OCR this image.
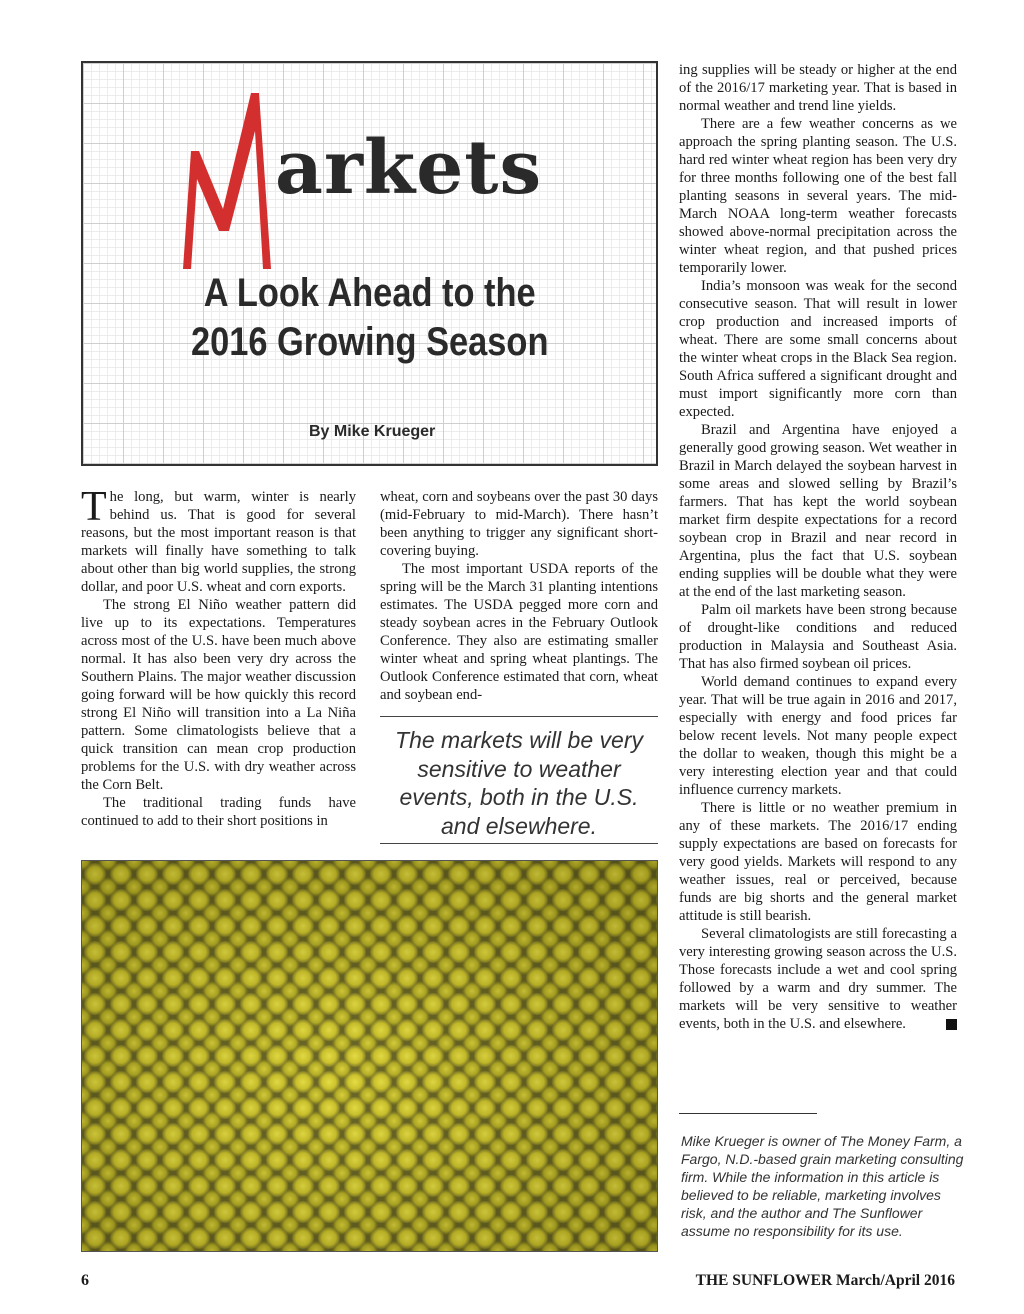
arkets
A Look Ahead to the
2016 Growing Season
By Mike Krueger

The long, but warm, winter is nearly behind us. That is good for several reasons, but the most important reason is that markets will finally have something to talk about other than big world supplies, the strong dollar, and poor U.S. wheat and corn exports.

The strong El Niño weather pattern did live up to its expectations. Temperatures across most of the U.S. have been much above normal. It has also been very dry across the Southern Plains. The major weather discussion going forward will be how quickly this record strong El Niño will transition into a La Niña pattern. Some climatologists believe that a quick transition can mean crop production problems for the U.S. with dry weather across the Corn Belt.

The traditional trading funds have continued to add to their short positions in

wheat, corn and soybeans over the past 30 days (mid-February to mid-March). There hasn’t been anything to trigger any significant short-covering buying.

The most important USDA reports of the spring will be the March 31 planting intentions estimates. The USDA pegged more corn and steady soybean acres in the February Outlook Conference. They also are estimating smaller winter wheat and spring wheat plantings. The Outlook Conference estimated that corn, wheat and soybean end-

The markets will be very sensitive to weather events, both in the U.S. and elsewhere.

ing supplies will be steady or higher at the end of the 2016/17 marketing year. That is based in normal weather and trend line yields.

There are a few weather concerns as we approach the spring planting season. The U.S. hard red winter wheat region has been very dry for three months following one of the best fall planting seasons in several years. The mid-March NOAA long-term weather forecasts showed above-normal precipitation across the winter wheat region, and that pushed prices temporarily lower.

India’s monsoon was weak for the second consecutive season. That will result in lower crop production and increased imports of wheat. There are some small concerns about the winter wheat crops in the Black Sea region. South Africa suffered a significant drought and must import significantly more corn than expected.

Brazil and Argentina have enjoyed a generally good growing season. Wet weather in Brazil in March delayed the soybean harvest in some areas and slowed selling by Brazil’s farmers. That has kept the world soybean market firm despite expectations for a record soybean crop in Brazil and near record in Argentina, plus the fact that U.S. soybean ending supplies will be double what they were at the end of the last marketing season.

Palm oil markets have been strong because of drought-like conditions and reduced production in Malaysia and Southeast Asia. That has also firmed soybean oil prices.

World demand continues to expand every year. That will be true again in 2016 and 2017, especially with energy and food prices far below recent levels. Not many people expect the dollar to weaken, though this might be a very interesting election year and that could influence currency markets.

There is little or no weather premium in any of these markets. The 2016/17 ending supply expectations are based on forecasts for very good yields. Markets will respond to any weather issues, real or perceived, because funds are big shorts and the general market attitude is still bearish.

Several climatologists are still forecasting a very interesting growing season across the U.S. Those forecasts include a wet and cool spring followed by a warm and dry summer. The markets will be very sensitive to weather events, both in the U.S. and elsewhere.

Mike Krueger is owner of The Money Farm, a Fargo, N.D.-based grain marketing consulting firm. While the information in this article is believed to be reliable, marketing involves risk, and the author and The Sunflower assume no responsibility for its use.
6	THE SUNFLOWER March/April 2016
